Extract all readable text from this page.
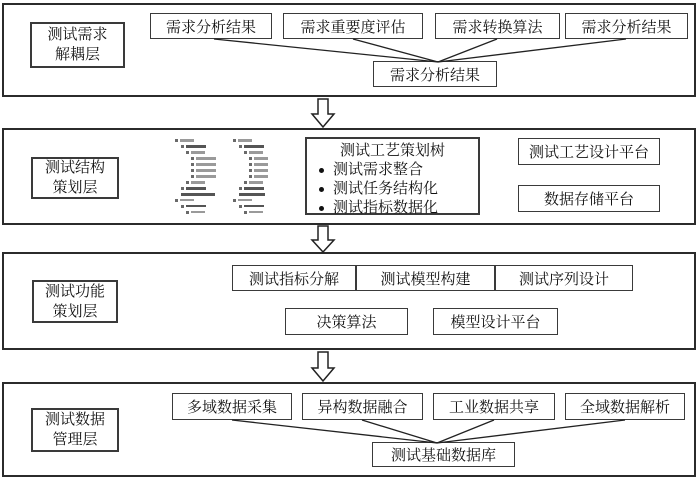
测试需求
解耦层
需求分析结果	需求重要度评估	需求转换算法	需求分析结果
需求分析结果
测试结构
策划层
测试工艺策划树
测试需求整合
测试任务结构化
测试指标数据化
测试工艺设计平台
数据存储平台
测试功能
策划层
测试指标分解	测试模型构建	测试序列设计
决策算法	模型设计平台
测试数据
管理层
多域数据采集	异构数据融合	工业数据共享	全域数据解析
测试基础数据库
